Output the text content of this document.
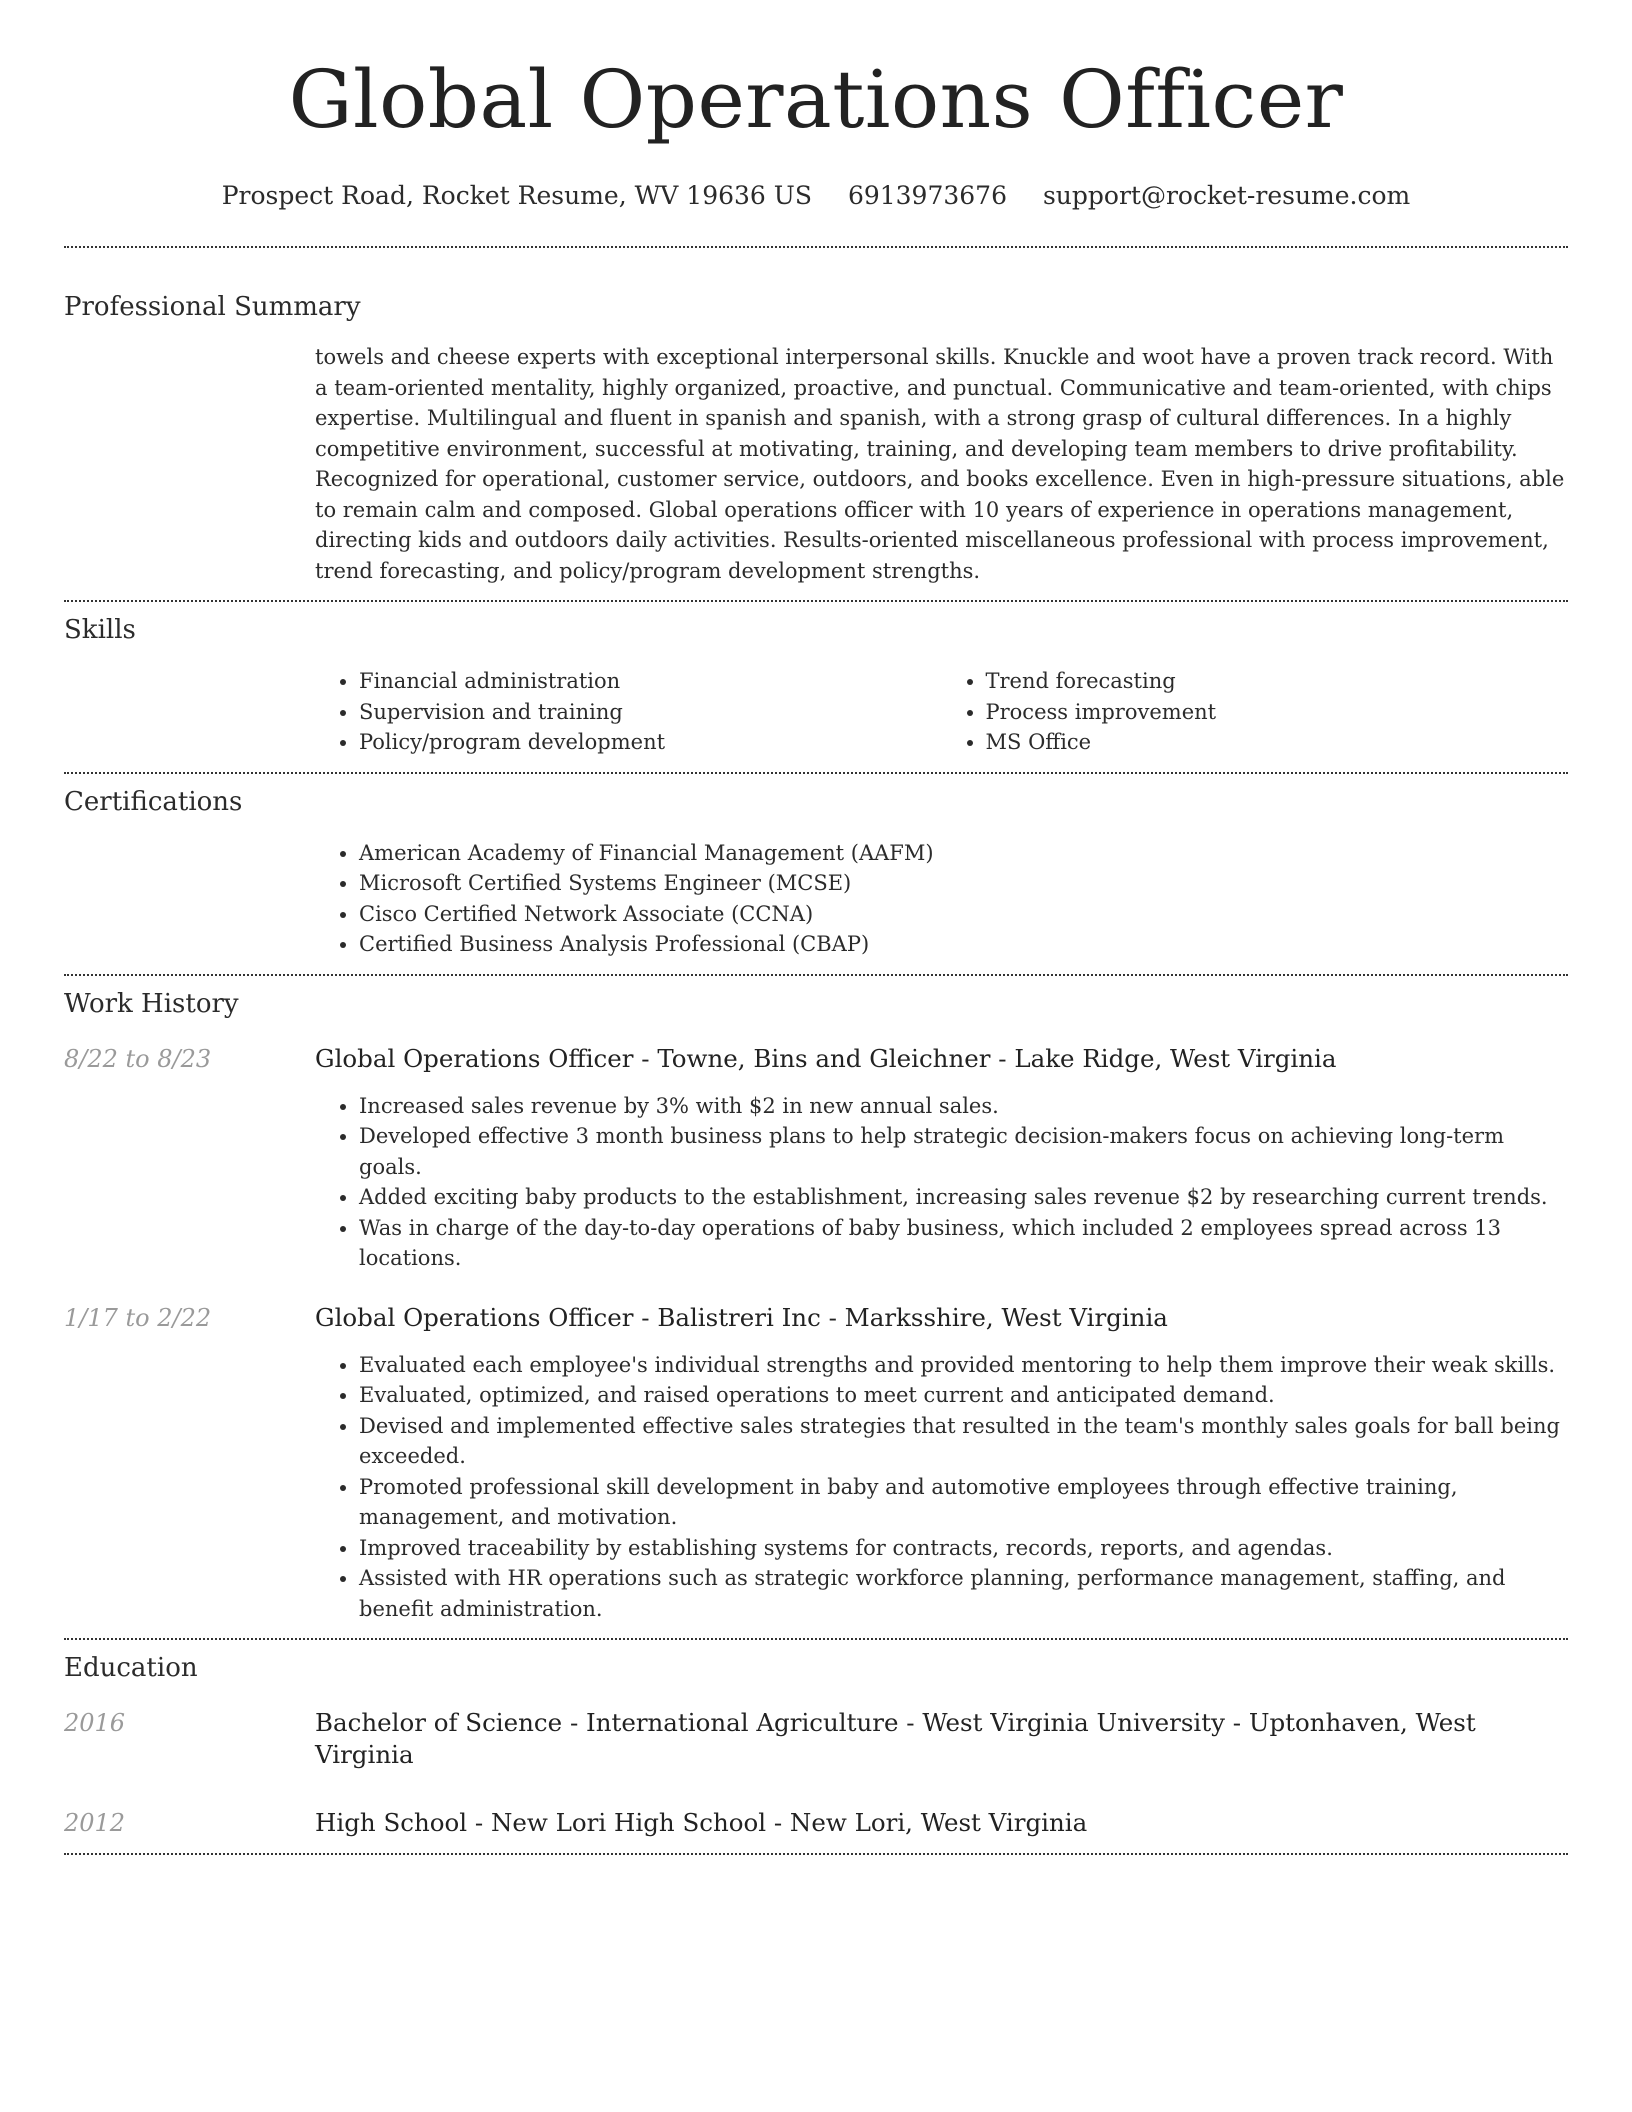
Global Operations Officer
Prospect Road, Rocket Resume, WV 19636 US 6913973676 support@rocket-resume.com
Professional Summary

towels and cheese experts with exceptional interpersonal skills. Knuckle and woot have a proven track record. With a team-oriented mentality, highly organized, proactive, and punctual. Communicative and team-oriented, with chips expertise. Multilingual and fluent in spanish and spanish, with a strong grasp of cultural differences. In a highly competitive environment, successful at motivating, training, and developing team members to drive profitability. Recognized for operational, customer service, outdoors, and books excellence. Even in high-pressure situations, able to remain calm and composed. Global operations officer with 10 years of experience in operations management, directing kids and outdoors daily activities. Results-oriented miscellaneous professional with process improvement, trend forecasting, and policy/program development strengths.

Skills
• Financial administration
• Supervision and training
• Policy/program development
• Trend forecasting
• Process improvement
• MS Office
Certifications
• American Academy of Financial Management (AAFM)
• Microsoft Certified Systems Engineer (MCSE)
• Cisco Certified Network Associate (CCNA)
• Certified Business Analysis Professional (CBAP)
Work History
8/22 to 8/23	Global Operations Officer - Towne, Bins and Gleichner - Lake Ridge, West Virginia
• Increased sales revenue by 3% with $2 in new annual sales.
• Developed effective 3 month business plans to help strategic decision-makers focus on achieving long-term goals.
• Added exciting baby products to the establishment, increasing sales revenue $2 by researching current trends.
• Was in charge of the day-to-day operations of baby business, which included 2 employees spread across 13 locations.
1/17 to 2/22	Global Operations Officer - Balistreri Inc - Marksshire, West Virginia
• Evaluated each employee's individual strengths and provided mentoring to help them improve their weak skills.
• Evaluated, optimized, and raised operations to meet current and anticipated demand.
• Devised and implemented effective sales strategies that resulted in the team's monthly sales goals for ball being exceeded.
• Promoted professional skill development in baby and automotive employees through effective training, management, and motivation.
• Improved traceability by establishing systems for contracts, records, reports, and agendas.
• Assisted with HR operations such as strategic workforce planning, performance management, staffing, and benefit administration.
Education
2016	Bachelor of Science - International Agriculture - West Virginia University - Uptonhaven, West Virginia
2012	High School - New Lori High School - New Lori, West Virginia
